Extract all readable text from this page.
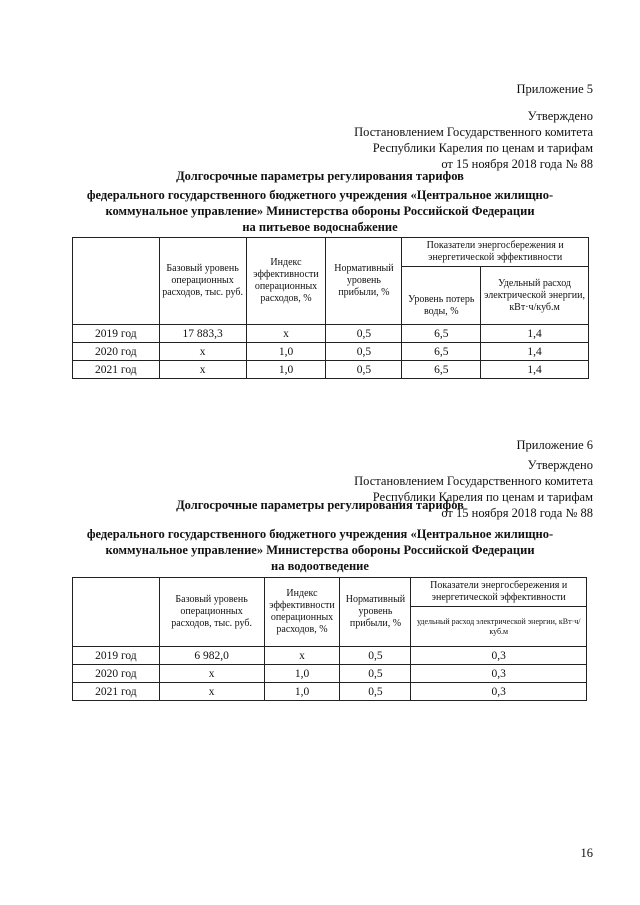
Приложение 5
Утверждено
Постановлением Государственного комитета
Республики Карелия по ценам и тарифам
от 15 ноября 2018 года № 88
Долгосрочные параметры регулирования тарифов
федерального государственного бюджетного учреждения «Центральное жилищно-
коммунальное управление» Министерства обороны Российской Федерации
на питьевое водоснабжение
	Базовый уровень операционных расходов, тыс. руб.	Индекс эффективности операционных расходов, %	Нормативный уровень прибыли, %	Показатели энергосбережения и энергетической эффективности	
				Уровень потерь воды, %	Удельный расход электрической энергии, кВт·ч/куб.м
2019 год	17 883,3	x	0,5	6,5	1,4
2020 год	x	1,0	0,5	6,5	1,4
2021 год	x	1,0	0,5	6,5	1,4
Приложение 6
Утверждено
Постановлением Государственного комитета
Республики Карелия по ценам и тарифам
от 15 ноября 2018 года № 88
Долгосрочные параметры регулирования тарифов
федерального государственного бюджетного учреждения «Центральное жилищно-
коммунальное управление» Министерства обороны Российской Федерации
на водоотведение
	Базовый уровень операционных расходов, тыс. руб.	Индекс эффективности операционных расходов, %	Нормативный уровень прибыли, %	Показатели энергосбережения и энергетической эффективности
				удельный расход электрической энергии, кВт·ч/куб.м
2019 год	6 982,0	x	0,5	0,3
2020 год	x	1,0	0,5	0,3
2021 год	x	1,0	0,5	0,3
16
